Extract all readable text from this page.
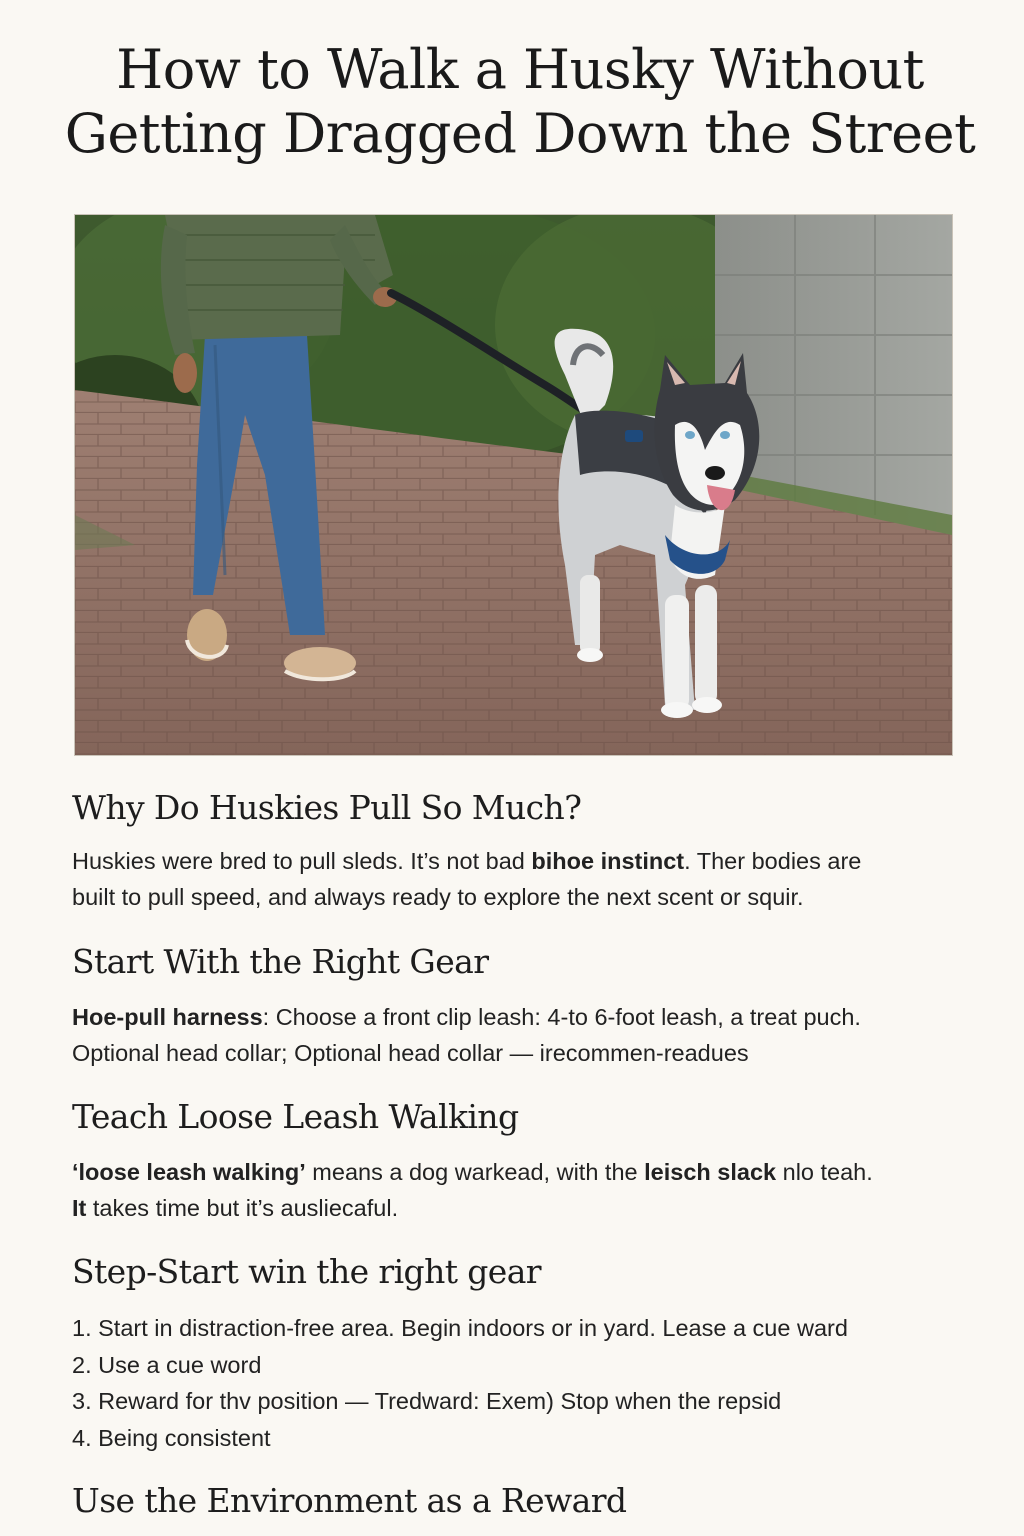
How to Walk a Husky Without
Getting Dragged Down the Street
Why Do Huskies Pull So Much?

Huskies were bred to pull sleds. It’s not bad bihoe instinct. Ther bodies are
built to pull speed, and always ready to explore the next scent or squir.

Start With the Right Gear

Hoe-pull harness: Choose a front clip leash: 4-to 6-foot leash, a treat puch.
Optional head collar; Optional head collar — irecommen-readues

Teach Loose Leash Walking

‘loose leash walking’ means a dog warkead, with the leisch slack nlo teah.
It takes time but it’s ausliecaful.

Step-Start win the right gear
1. Start in distraction-free area. Begin indoors or in yard. Lease a cue ward
2. Use a cue word
3. Reward for thv position — Tredward: Exem) Stop when the repsid
4. Being consistent
Use the Environment as a Reward
